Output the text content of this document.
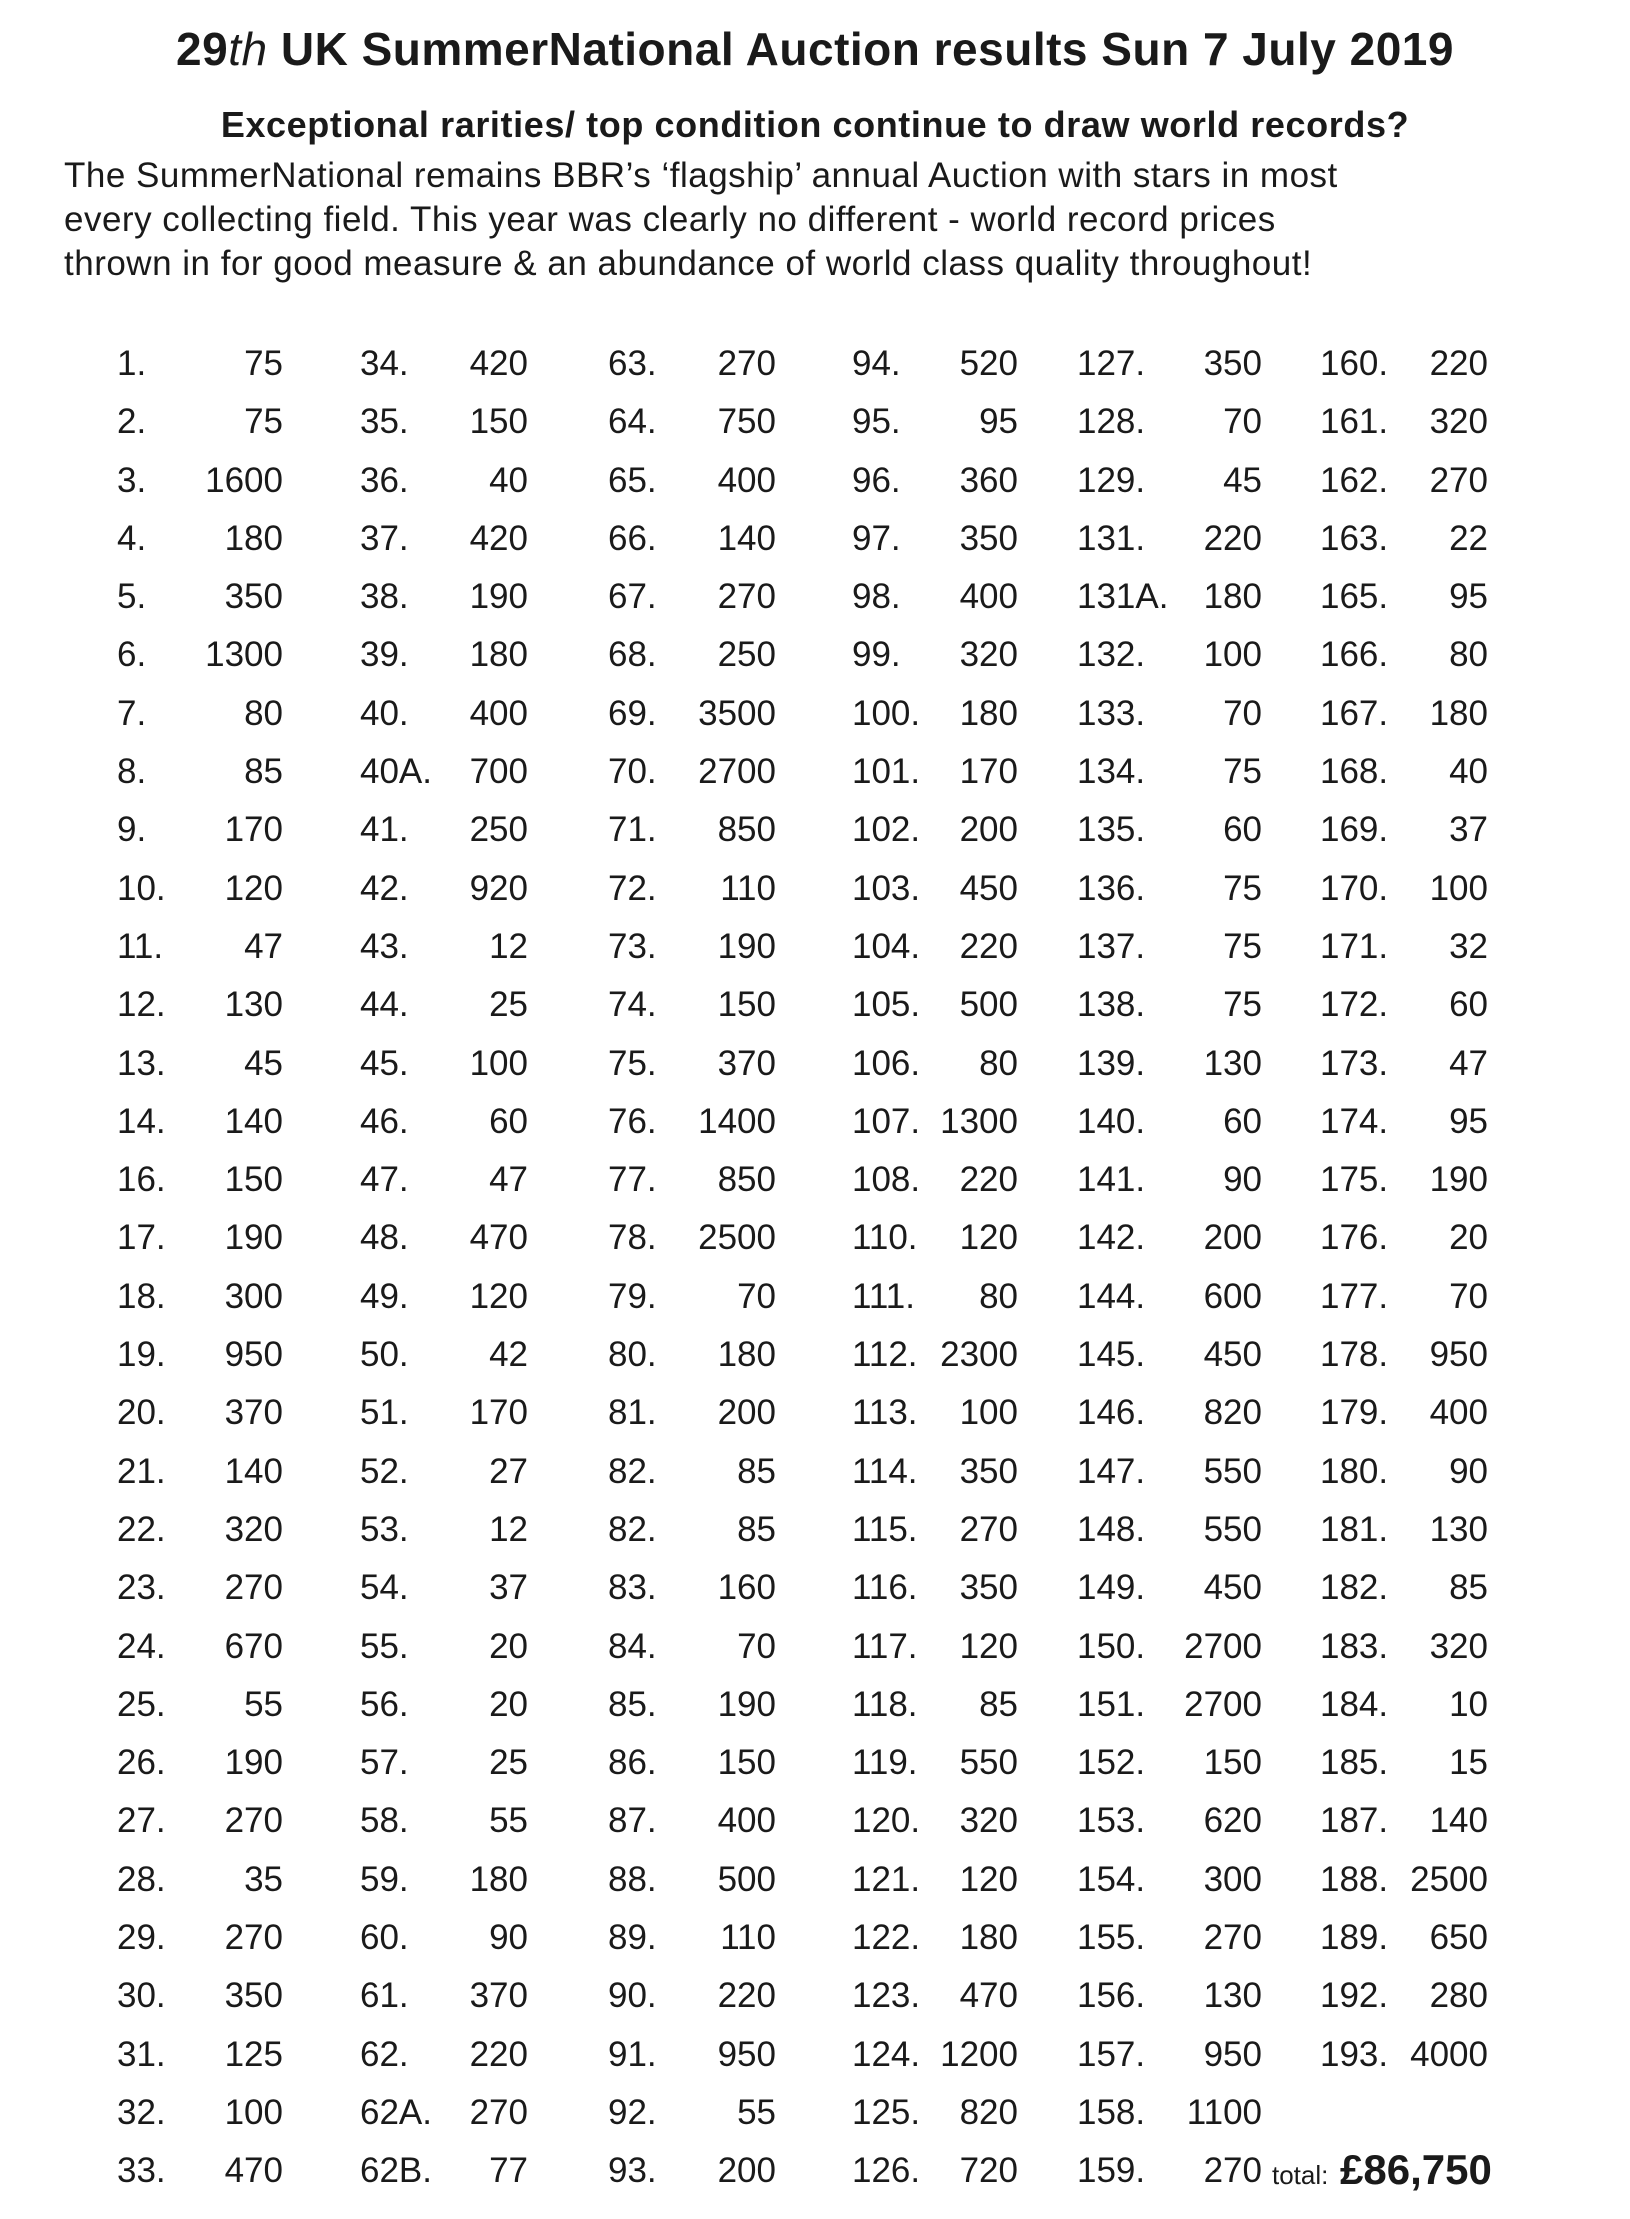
29th UK SummerNational Auction results Sun 7 July 2019
Exceptional rarities/ top condition continue to draw world records?
The SummerNational remains BBR’s ‘flagship’ annual Auction with stars in most
every collecting field. This year was clearly no different - world record prices
thrown in for good measure & an abundance of world class quality throughout!
1.	75
2.	75
3. 1600
4. 180
5. 350
6. 1300
7.	80
8.	85
9. 170
10. 120
11. 47
12. 130
13. 45
14. 140
16. 150
17. 190
18. 300
19. 950
20. 370
21. 140
22. 320
23. 270
24. 670
25. 55
26. 190
27. 270
28. 35
29. 270
30. 350
31. 125
32. 100
33. 470
34. 420
35. 150
36. 40
37. 420
38. 190
39. 180
40. 400
40A. 700
41. 250
42. 920
43. 12
44. 25
45. 100
46. 60
47. 47
48. 470
49. 120
50. 42
51. 170
52. 27
53. 12
54. 37
55. 20
56. 20
57. 25
58. 55
59. 180
60. 90
61. 370
62. 220
62A. 270
62B. 77
63. 270
64. 750
65. 400
66. 140
67. 270
68. 250
69. 3500
70. 2700
71. 850
72. 110
73. 190
74. 150
75. 370
76. 1400
77. 850
78. 2500
79. 70
80. 180
81. 200
82. 85
82. 85
83. 160
84. 70
85. 190
86. 150
87. 400
88. 500
89. 110
90. 220
91. 950
92. 55
93. 200
94. 520
95. 95
96. 360
97. 350
98. 400
99. 320
100. 180
101. 170
102. 200
103. 450
104. 220
105. 500
106. 80
107. 1300
108. 220
110. 120
111. 80
112. 2300
113. 100
114. 350
115. 270
116. 350
117. 120
118. 85
119. 550
120. 320
121. 120
122. 180
123. 470
124. 1200
125. 820
126. 720
127. 350
128. 70
129. 45
131. 220
131A. 180
132. 100
133. 70
134. 75
135. 60
136. 75
137. 75
138. 75
139. 130
140. 60
141. 90
142. 200
144. 600
145. 450
146. 820
147. 550
148. 550
149. 450
150. 2700
151. 2700
152. 150
153. 620
154. 300
155. 270
156. 130
157. 950
158. 1100
159. 270
160. 220
161. 320
162. 270
163. 22
165. 95
166. 80
167. 180
168. 40
169. 37
170. 100
171. 32
172. 60
173. 47
174. 95
175. 190
176. 20
177. 70
178. 950
179. 400
180. 90
181. 130
182. 85
183. 320
184. 10
185. 15
187. 140
188. 2500
189. 650
192. 280
193. 4000
total: £86,750
